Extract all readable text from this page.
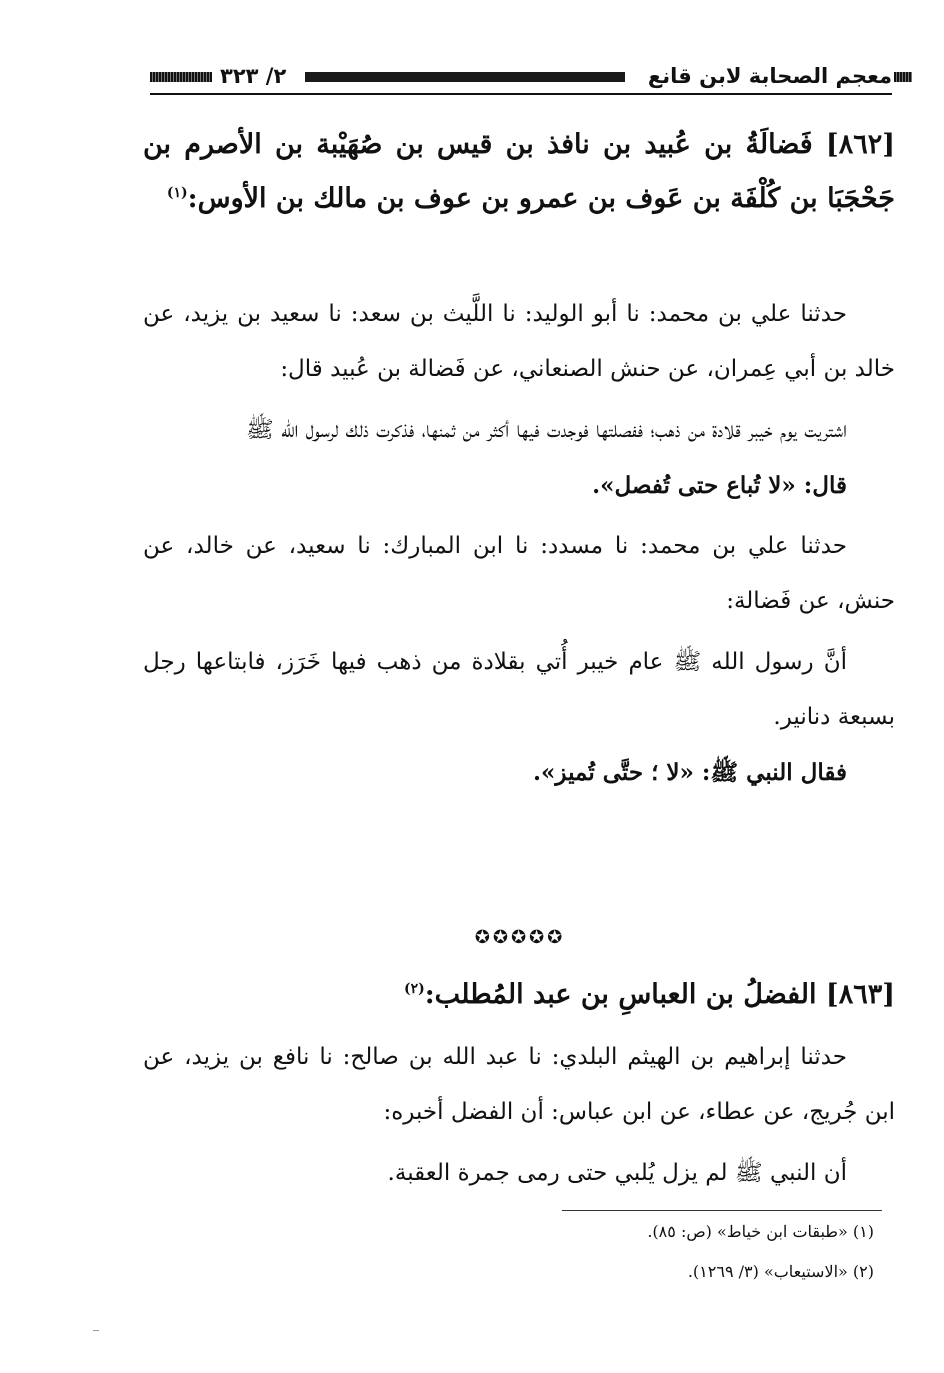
معجم الصحابة لابن قانع
٢/ ٣٢٣

[٨٦٢] فَضالَةُ بن عُبيد بن نافذ بن قيس بن صُهَيْبة بن الأصرم بن جَحْجَبَا بن كُلْفَة بن عَوف بن عمرو بن عوف بن مالك بن الأوس:$^{(١)}$

حدثنا علي بن محمد: نا أبو الوليد: نا اللَّيث بن سعد: نا سعيد بن يزيد، عن خالد بن أبي عِمران، عن حنش الصنعاني، عن فَضالة بن عُبيد قال:

اشتريت يوم خيبر قلادة من ذهب؛ ففصلتها فوجدت فيها أكثر من ثمنها، فذكرت ذلك لرسول الله ﷺ

قال: «لا تُباع حتى تُفصل».

حدثنا علي بن محمد: نا مسدد: نا ابن المبارك: نا سعيد، عن خالد، عن حنش، عن فَضالة:

أنَّ رسول الله ﷺ عام خيبر أُتي بقلادة من ذهب فيها خَرَز، فابتاعها رجل بسبعة دنانير.

فقال النبي ﷺ: «لا ؛ حتَّى تُميز».

✪✪✪✪✪

[٨٦٣] الفضلُ بن العباسِ بن عبد المُطلب:$^{(٢)}$

حدثنا إبراهيم بن الهيثم البلدي: نا عبد الله بن صالح: نا نافع بن يزيد، عن ابن جُريج، عن عطاء، عن ابن عباس: أن الفضل أخبره:

أن النبي ﷺ لم يزل يُلبي حتى رمى جمرة العقبة.

(١) «طبقات ابن خياط» (ص: ٨٥).
(٢) «الاستيعاب» (٣/ ١٢٦٩).
